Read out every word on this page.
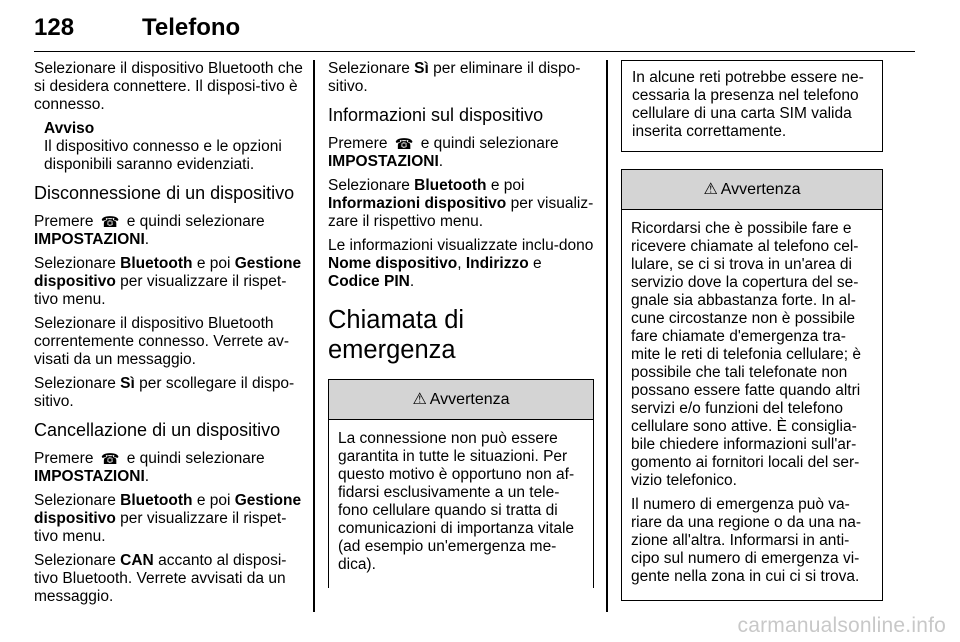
128	Telefono

Selezionare il dispositivo Bluetooth che si desidera connettere. Il disposi-tivo è connesso.

Avviso
Il dispositivo connesso e le opzioni disponibili saranno evidenziati.
Disconnessione di un dispositivo

Premere ☎ e quindi selezionare IMPOSTAZIONI.

Selezionare Bluetooth e poi Gestione dispositivo per visualizzare il rispet-tivo menu.

Selezionare il dispositivo Bluetooth correntemente connesso. Verrete av-visati da un messaggio.

Selezionare Sì per scollegare il dispo-sitivo.

Cancellazione di un dispositivo

Premere ☎ e quindi selezionare IMPOSTAZIONI.

Selezionare Bluetooth e poi Gestione dispositivo per visualizzare il rispet-tivo menu.

Selezionare CAN accanto al disposi-tivo Bluetooth. Verrete avvisati da un messaggio.

Selezionare Sì per eliminare il dispo-sitivo.

Informazioni sul dispositivo

Premere ☎ e quindi selezionare IMPOSTAZIONI.

Selezionare Bluetooth e poi Informazioni dispositivo per visualiz-zare il rispettivo menu.

Le informazioni visualizzate inclu-dono Nome dispositivo, Indirizzo e Codice PIN.

Chiamata di emergenza
⚠ Avvertenza

La connessione non può essere garantita in tutte le situazioni. Per questo motivo è opportuno non af-fidarsi esclusivamente a un tele-fono cellulare quando si tratta di comunicazioni di importanza vitale (ad esempio un'emergenza me-dica).

In alcune reti potrebbe essere ne-cessaria la presenza nel telefono cellulare di una carta SIM valida inserita correttamente.
⚠ Avvertenza

Ricordarsi che è possibile fare e ricevere chiamate al telefono cel-lulare, se ci si trova in un'area di servizio dove la copertura del se-gnale sia abbastanza forte. In al-cune circostanze non è possibile fare chiamate d'emergenza tra-mite le reti di telefonia cellulare; è possibile che tali telefonate non possano essere fatte quando altri servizi e/o funzioni del telefono cellulare sono attive. È consiglia-bile chiedere informazioni sull'ar-gomento ai fornitori locali del ser-vizio telefonico.

Il numero di emergenza può va-riare da una regione o da una na-zione all'altra. Informarsi in anti-cipo sul numero di emergenza vi-gente nella zona in cui ci si trova.

carmanualsonline.info
